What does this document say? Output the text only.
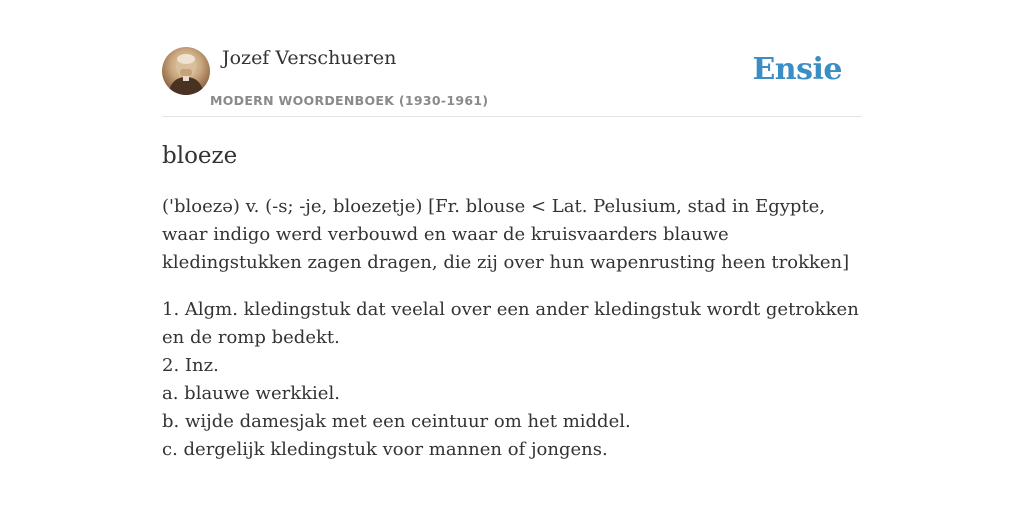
Jozef Verschueren
MODERN WOORDENBOEK (1930-1961)
Ensie
bloeze
('bloezə) v. (-s; -je, bloezetje) [Fr. blouse < Lat. Pelusium, stad in Egypte, waar indigo werd verbouwd en waar de kruisvaarders blauwe kledingstukken zagen dragen, die zij over hun wapenrusting heen trokken]
1. Algm. kledingstuk dat veelal over een ander kledingstuk wordt getrokken en de romp bedekt.
2. Inz.
a. blauwe werkkiel.
b. wijde damesjak met een ceintuur om het middel.
c. dergelijk kledingstuk voor mannen of jongens.
